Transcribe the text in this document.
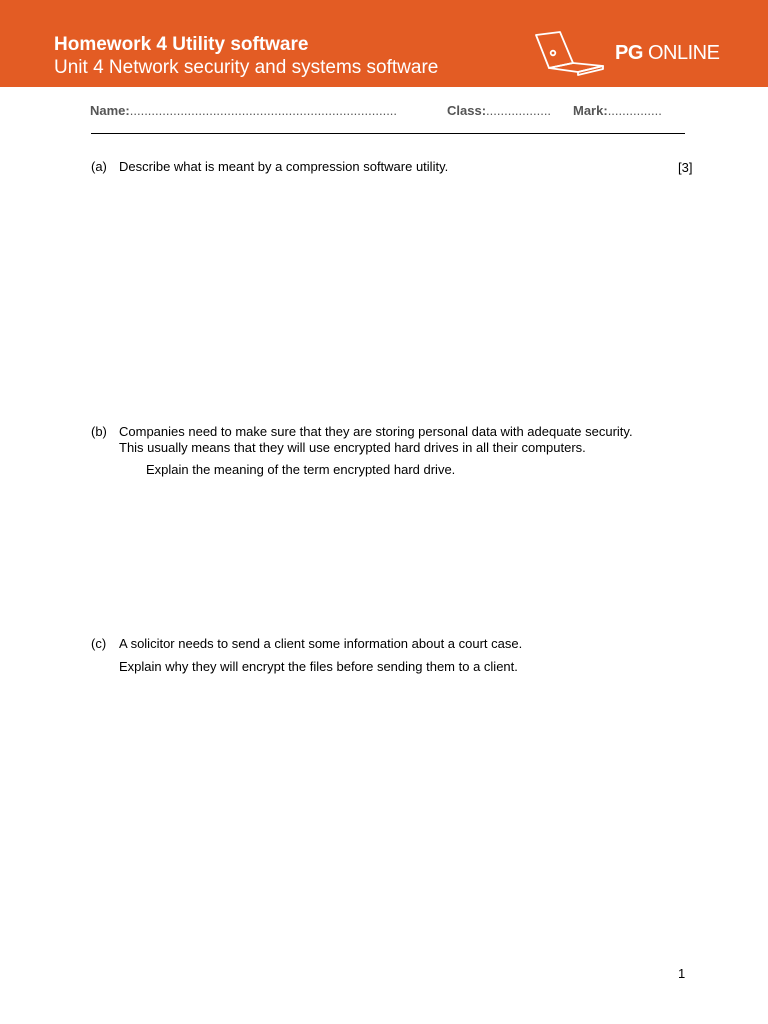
Homework 4 Utility software
Unit 4 Network security and systems software
PG ONLINE
Name:..........................................................................	Class:.................. Mark:...............
(a) Describe what is meant by a compression software utility.	[3]
(b) Companies need to make sure that they are storing personal data with adequate security.
This usually means that they will use encrypted hard drives in all their computers.
Explain the meaning of the term encrypted hard drive.
(c) A solicitor needs to send a client some information about a court case.
Explain why they will encrypt the files before sending them to a client.
1
